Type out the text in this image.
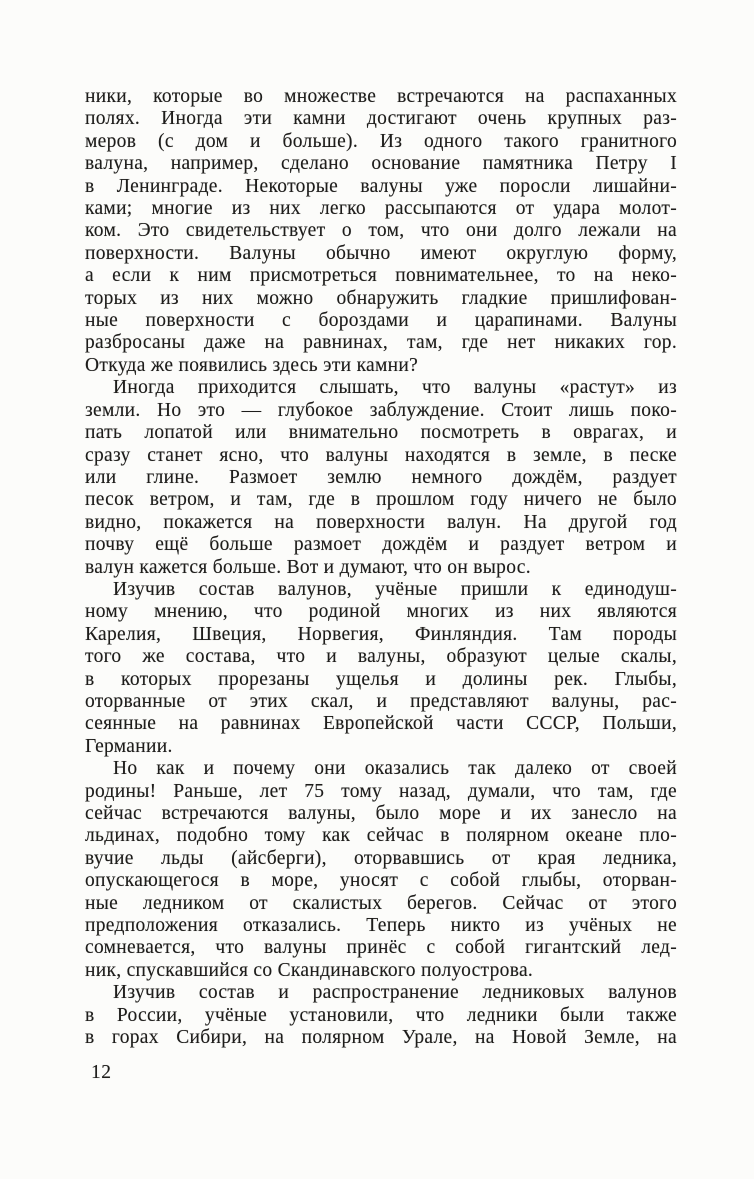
ники, которые во множестве встречаются на распаханных
полях. Иногда эти камни достигают очень крупных раз-
меров (с дом и больше). Из одного такого гранитного
валуна, например, сделано основание памятника Петру I
в Ленинграде. Некоторые валуны уже поросли лишайни-
ками; многие из них легко рассыпаются от удара молот-
ком. Это свидетельствует о том, что они долго лежали на
поверхности. Валуны обычно имеют округлую форму,
а если к ним присмотреться повнимательнее, то на неко-
торых из них можно обнаружить гладкие пришлифован-
ные поверхности с бороздами и царапинами. Валуны
разбросаны даже на равнинах, там, где нет никаких гор.
Откуда же появились здесь эти камни?
Иногда приходится слышать, что валуны «растут» из
земли. Но это — глубокое заблуждение. Стоит лишь поко-
пать лопатой или внимательно посмотреть в оврагах, и
сразу станет ясно, что валуны находятся в земле, в песке
или глине. Размоет землю немного дождём, раздует
песок ветром, и там, где в прошлом году ничего не было
видно, покажется на поверхности валун. На другой год
почву ещё больше размоет дождём и раздует ветром и
валун кажется больше. Вот и думают, что он вырос.
Изучив состав валунов, учёные пришли к единодуш-
ному мнению, что родиной многих из них являются
Карелия, Швеция, Норвегия, Финляндия. Там породы
того же состава, что и валуны, образуют целые скалы,
в которых прорезаны ущелья и долины рек. Глыбы,
оторванные от этих скал, и представляют валуны, рас-
сеянные на равнинах Европейской части СССР, Польши,
Германии.
Но как и почему они оказались так далеко от своей
родины! Раньше, лет 75 тому назад, думали, что там, где
сейчас встречаются валуны, было море и их занесло на
льдинах, подобно тому как сейчас в полярном океане пло-
вучие льды (айсберги), оторвавшись от края ледника,
опускающегося в море, уносят с собой глыбы, оторван-
ные ледником от скалистых берегов. Сейчас от этого
предположения отказались. Теперь никто из учёных не
сомневается, что валуны принёс с собой гигантский лед-
ник, спускавшийся со Скандинавского полуострова.
Изучив состав и распространение ледниковых валунов
в России, учёные установили, что ледники были также
в горах Сибири, на полярном Урале, на Новой Земле, на
12
